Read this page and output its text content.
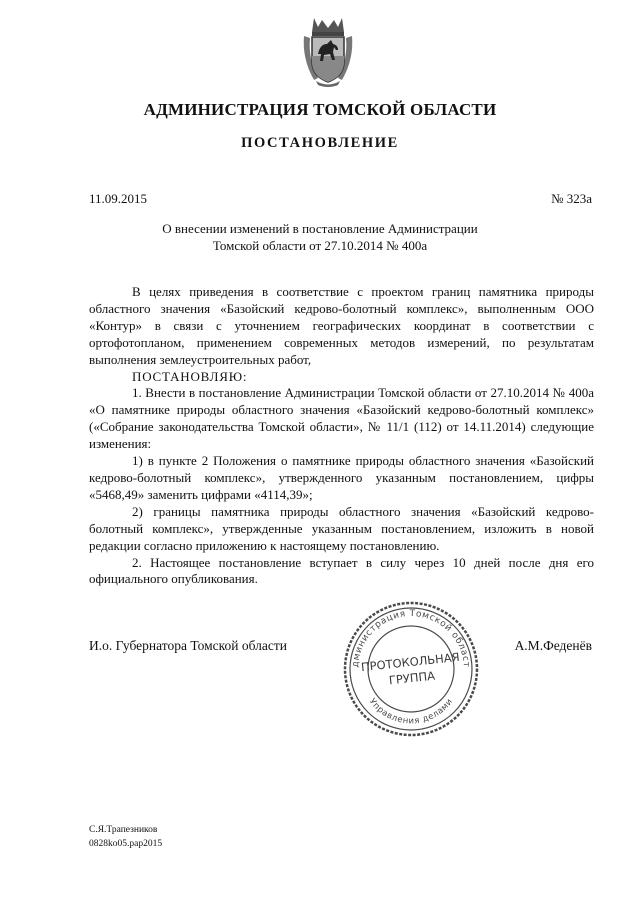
АДМИНИСТРАЦИЯ ТОМСКОЙ ОБЛАСТИ
ПОСТАНОВЛЕНИЕ
11.09.2015	№ 323а
О внесении изменений в постановление Администрации
Томской области от 27.10.2014 № 400а

В целях приведения в соответствие с проектом границ памятника природы областного значения «Базойский кедрово-болотный комплекс», выполненным ООО «Контур» в связи с уточнением географических координат в соответствии с ортофотопланом, применением современных методов измерений, по результатам выполнения землеустроительных работ,

ПОСТАНОВЛЯЮ:

1. Внести в постановление Администрации Томской области от 27.10.2014 № 400а «О памятнике природы областного значения «Базойский кедрово-болотный комплекс» («Собрание законодательства Томской области», № 11/1 (112) от 14.11.2014) следующие изменения:

1) в пункте 2 Положения о памятнике природы областного значения «Базойский кедрово-болотный комплекс», утвержденного указанным постановлением, цифры «5468,49» заменить цифрами «4114,39»;

2) границы памятника природы областного значения «Базойский кедрово-болотный комплекс», утвержденные указанным постановлением, изложить в новой редакции согласно приложению к настоящему постановлению.

2. Настоящее постановление вступает в силу через 10 дней после дня его официального опубликования.

И.о. Губернатора Томской области	А.М.Феденёв
дминистрация Томской област
Управления делами
ПРОТОКОЛЬНАЯ
ГРУППА
С.Я.Трапезников
0828ko05.pap2015
